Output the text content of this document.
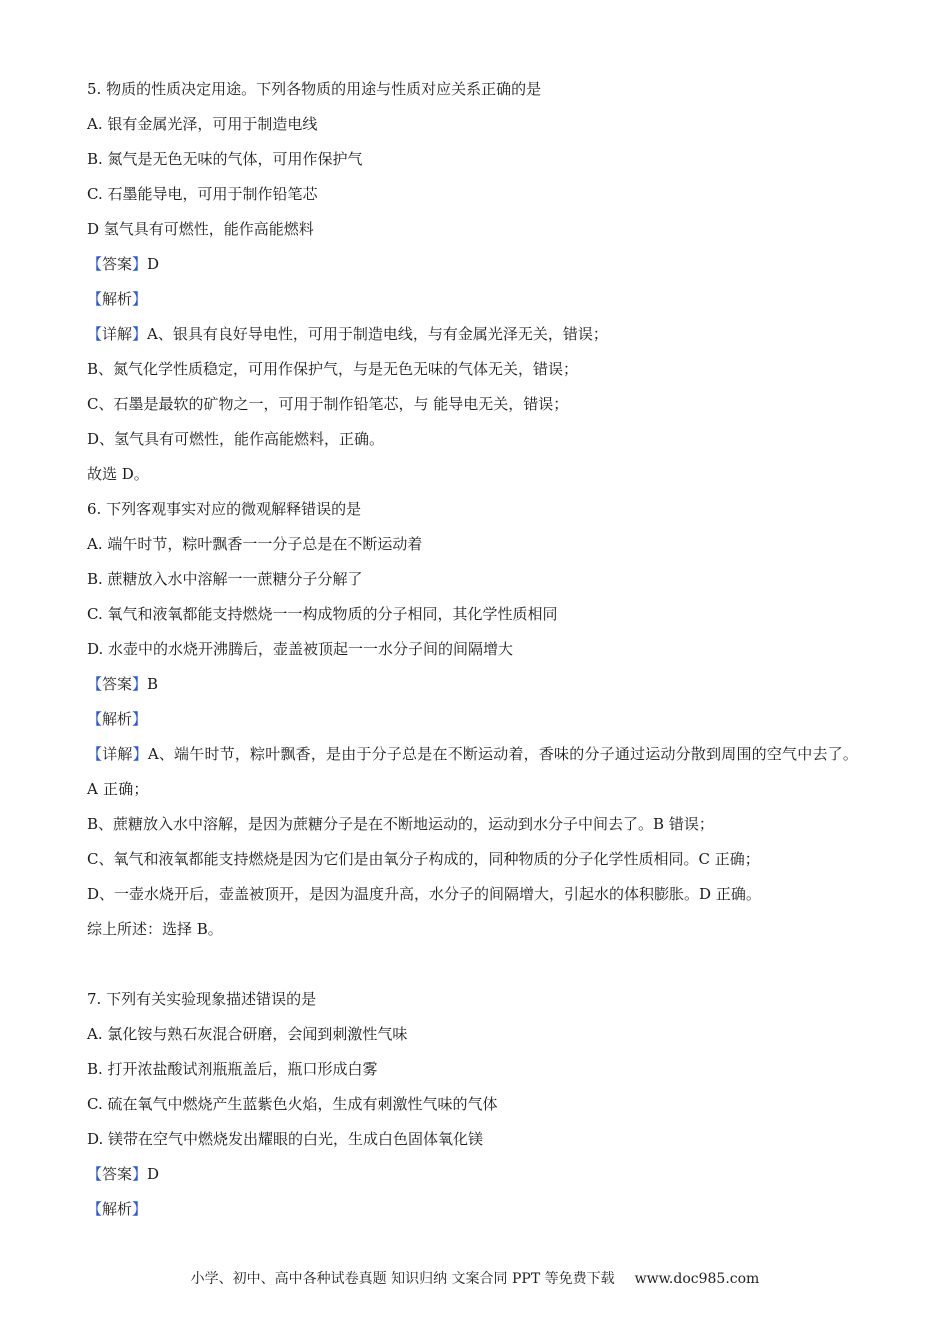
5. 物质的性质决定用途。下列各物质的用途与性质对应关系正确的是
A. 银有金属光泽，可用于制造电线
B. 氮气是无色无味的气体，可用作保护气
C. 石墨能导电，可用于制作铅笔芯
D 氢气具有可燃性，能作高能燃料
【答案】D
【解析】
【详解】A、银具有良好导电性，可用于制造电线，与有金属光泽无关，错误；
B、氮气化学性质稳定，可用作保护气，与是无色无味的气体无关，错误；
C、石墨是最软的矿物之一，可用于制作铅笔芯，与 能导电无关，错误；
D、氢气具有可燃性，能作高能燃料，正确。
故选 D。
6. 下列客观事实对应的微观解释错误的是
A. 端午时节，粽叶飘香一一分子总是在不断运动着
B. 蔗糖放入水中溶解一一蔗糖分子分解了
C. 氧气和液氧都能支持燃烧一一构成物质的分子相同，其化学性质相同
D. 水壶中的水烧开沸腾后，壶盖被顶起一一水分子间的间隔增大
【答案】B
【解析】
【详解】A、端午时节，粽叶飘香，是由于分子总是在不断运动着，香味的分子通过运动分散到周围的空气中去了。A 正确；
B、蔗糖放入水中溶解，是因为蔗糖分子是在不断地运动的，运动到水分子中间去了。B 错误；
C、氧气和液氧都能支持燃烧是因为它们是由氧分子构成的，同种物质的分子化学性质相同。C 正确；
D、一壶水烧开后，壶盖被顶开，是因为温度升高，水分子的间隔增大，引起水的体积膨胀。D 正确。
综上所述：选择 B。
7. 下列有关实验现象描述错误的是
A. 氯化铵与熟石灰混合研磨，会闻到刺激性气味
B. 打开浓盐酸试剂瓶瓶盖后，瓶口形成白雾
C. 硫在氧气中燃烧产生蓝紫色火焰，生成有刺激性气味的气体
D. 镁带在空气中燃烧发出耀眼的白光，生成白色固体氧化镁
【答案】D
【解析】
小学、初中、高中各种试卷真题 知识归纳 文案合同 PPT 等免费下载 www.doc985.com
